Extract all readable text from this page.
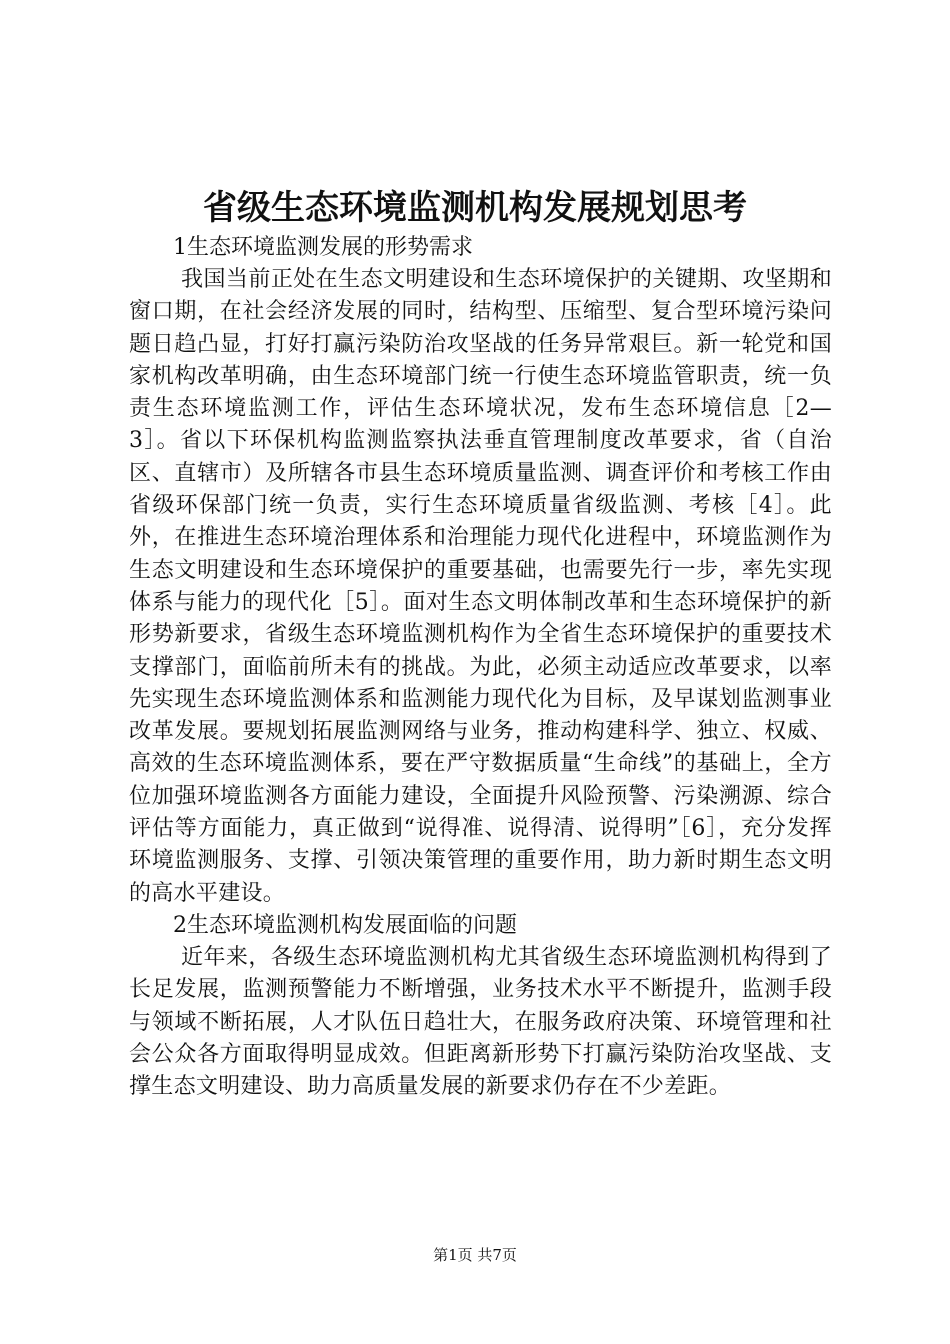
省级生态环境监测机构发展规划思考
1生态环境监测发展的形势需求

我国当前正处在生态文明建设和生态环境保护的关键期、攻坚期和窗口期，在社会经济发展的同时，结构型、压缩型、复合型环境污染问题日趋凸显，打好打赢污染防治攻坚战的任务异常艰巨。新一轮党和国家机构改革明确，由生态环境部门统一行使生态环境监管职责，统一负责生态环境监测工作，评估生态环境状况，发布生态环境信息［2—3］。省以下环保机构监测监察执法垂直管理制度改革要求，省（自治区、直辖市）及所辖各市县生态环境质量监测、调查评价和考核工作由省级环保部门统一负责，实行生态环境质量省级监测、考核［4］。此外，在推进生态环境治理体系和治理能力现代化进程中，环境监测作为生态文明建设和生态环境保护的重要基础，也需要先行一步，率先实现体系与能力的现代化［5］。面对生态文明体制改革和生态环境保护的新形势新要求，省级生态环境监测机构作为全省生态环境保护的重要技术支撑部门，面临前所未有的挑战。为此，必须主动适应改革要求，以率先实现生态环境监测体系和监测能力现代化为目标，及早谋划监测事业改革发展。要规划拓展监测网络与业务，推动构建科学、独立、权威、高效的生态环境监测体系，要在严守数据质量“生命线”的基础上，全方位加强环境监测各方面能力建设，全面提升风险预警、污染溯源、综合评估等方面能力，真正做到“说得准、说得清、说得明”［6］，充分发挥环境监测服务、支撑、引领决策管理的重要作用，助力新时期生态文明的高水平建设。

2生态环境监测机构发展面临的问题

近年来，各级生态环境监测机构尤其省级生态环境监测机构得到了长足发展，监测预警能力不断增强，业务技术水平不断提升，监测手段与领域不断拓展，人才队伍日趋壮大，在服务政府决策、环境管理和社会公众各方面取得明显成效。但距离新形势下打赢污染防治攻坚战、支撑生态文明建设、助力高质量发展的新要求仍存在不少差距。

第1页 共7页
